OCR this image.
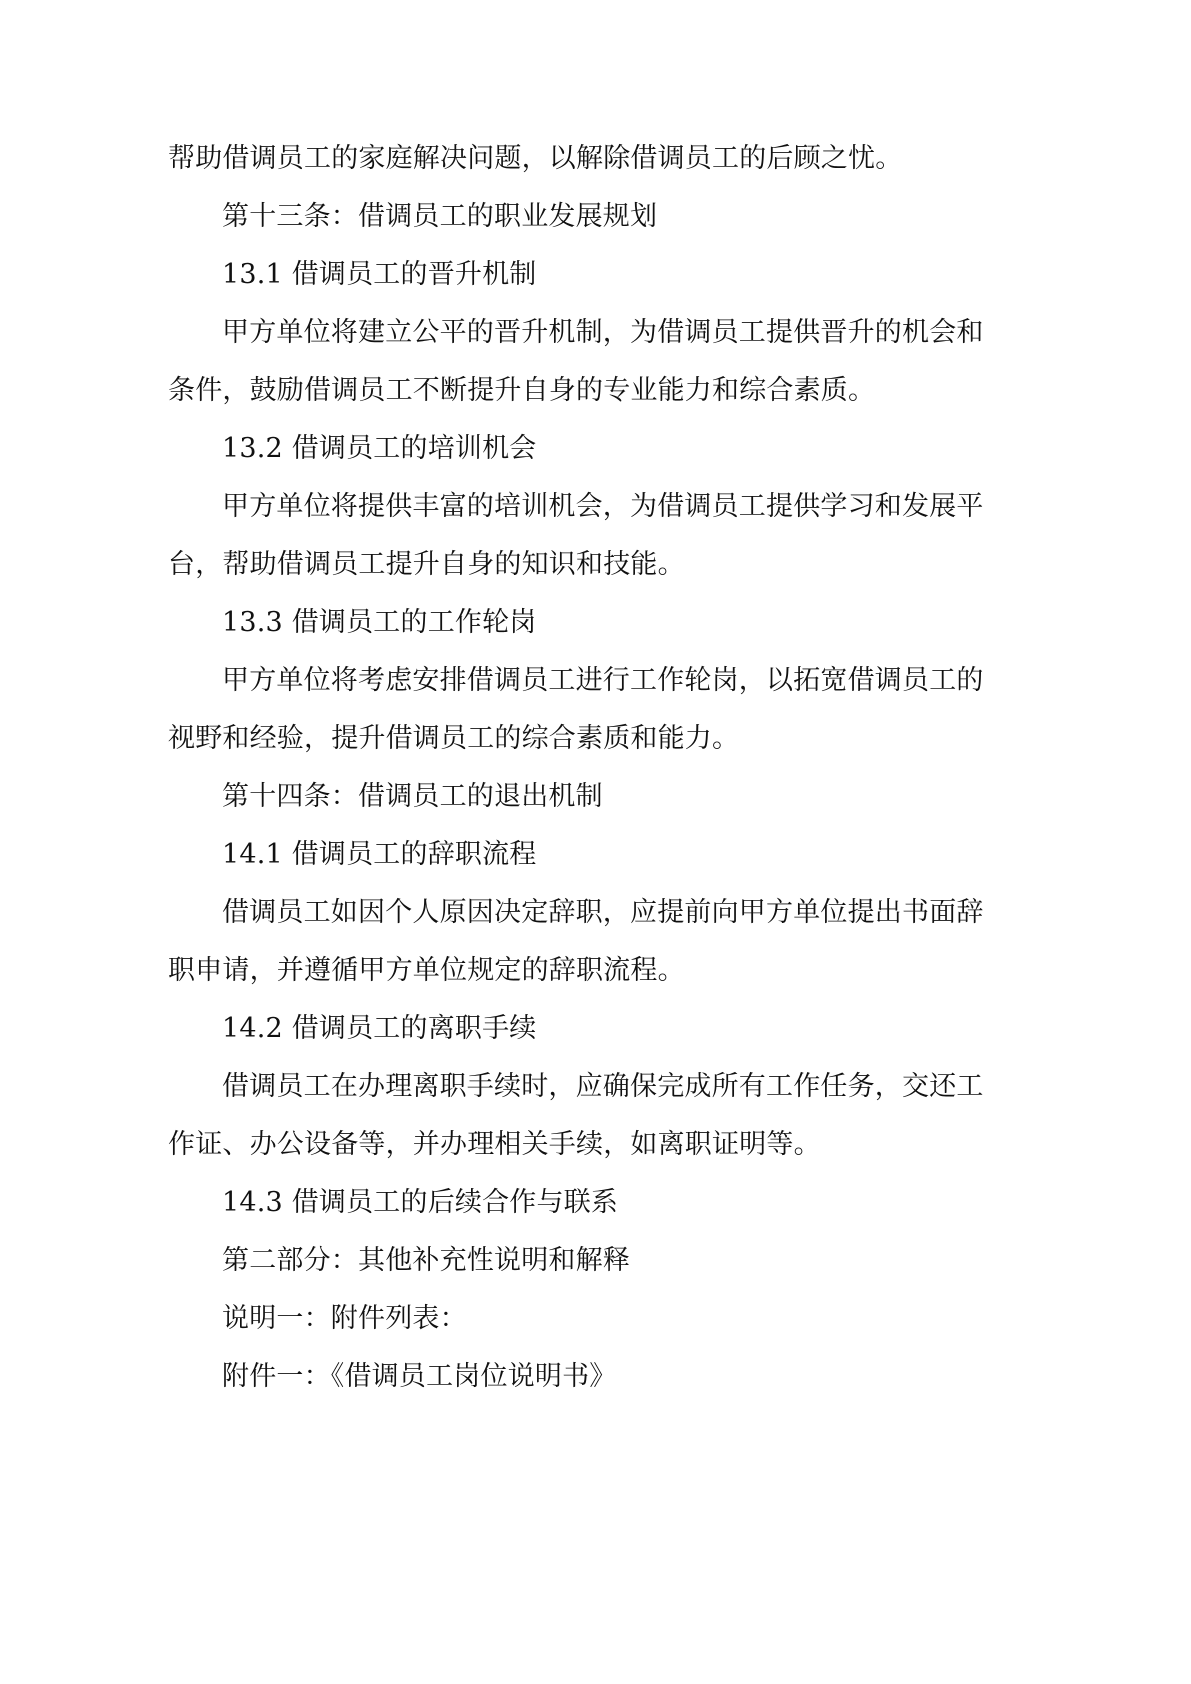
帮助借调员工的家庭解决问题，以解除借调员工的后顾之忧。
第十三条：借调员工的职业发展规划
13.1 借调员工的晋升机制
甲方单位将建立公平的晋升机制，为借调员工提供晋升的机会和
条件，鼓励借调员工不断提升自身的专业能力和综合素质。
13.2 借调员工的培训机会
甲方单位将提供丰富的培训机会，为借调员工提供学习和发展平
台，帮助借调员工提升自身的知识和技能。
13.3 借调员工的工作轮岗
甲方单位将考虑安排借调员工进行工作轮岗，以拓宽借调员工的
视野和经验，提升借调员工的综合素质和能力。
第十四条：借调员工的退出机制
14.1 借调员工的辞职流程
借调员工如因个人原因决定辞职，应提前向甲方单位提出书面辞
职申请，并遵循甲方单位规定的辞职流程。
14.2 借调员工的离职手续
借调员工在办理离职手续时，应确保完成所有工作任务，交还工
作证、办公设备等，并办理相关手续，如离职证明等。
14.3 借调员工的后续合作与联系
第二部分：其他补充性说明和解释
说明一：附件列表：
附件一：《借调员工岗位说明书》
